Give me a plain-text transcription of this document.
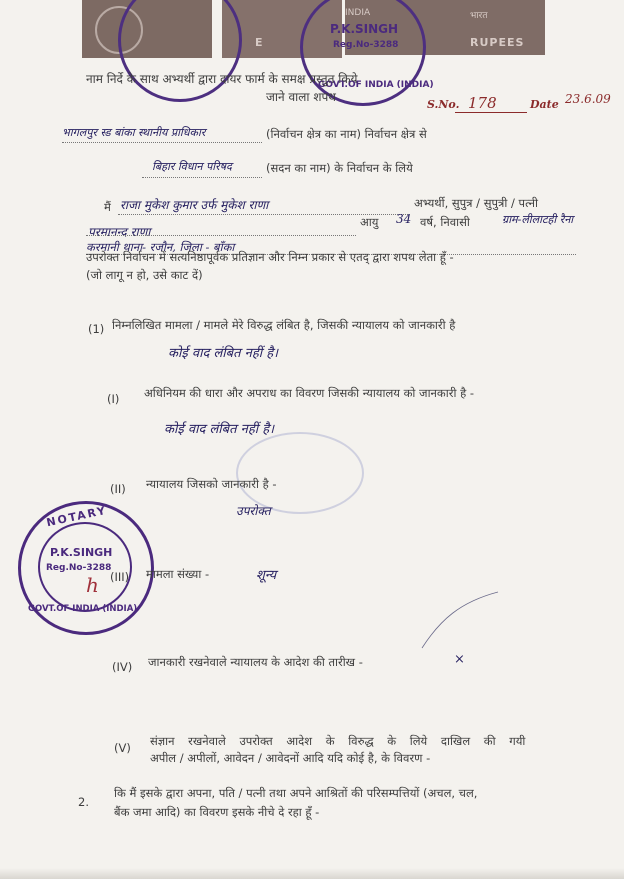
INDIA	भारत
E	RUPEES
P.K.SINGH
Reg.No-3288
GOVT.OF INDIA (INDIA)
नाम निर्दे के साथ अभ्यर्थी द्वारा दायर फार्म के समक्ष प्रस्तुत किये
जाने वाला शपथ
S.No. 178	Date 23.6.09
भागलपुर स्ड बांका स्थानीय प्राधिकार	(निर्वाचन क्षेत्र का नाम) निर्वाचन क्षेत्र से
बिहार विधान परिषद	(सदन का नाम) के निर्वाचन के लिये
मैं राजा मुकेश कुमार उर्फ मुकेश राणा	अभ्यर्थी, सुपुत्र / सुपुत्री / पत्नी
परमानन्द राणा
आयु 34 वर्ष, निवासी	ग्राम-लीलाटही रैना
करमानी थाना- रजौन, जिला - बाँका
उपरोक्त निर्वाचन में सत्यनिष्ठापूर्वक प्रतिज्ञान और निम्न प्रकार से एतद् द्वारा शपथ लेता हूँ -
(जो लागू न हो, उसे काट दें)
(1) निम्नलिखित मामला / मामले मेरे विरुद्ध लंबित है, जिसकी न्यायालय को जानकारी है
कोई वाद लंबित नहीं है।
(I) अधिनियम की धारा और अपराध का विवरण जिसकी न्यायालय को जानकारी है -
कोई वाद लंबित नहीं है।
(II) न्यायालय जिसको जानकारी है -
उपरोक्त
NOTARY
P.K.SINGH
Reg.No-3288
GOVT.OF INDIA (INDIA)
h (III) मामला संख्या -	शून्य
(IV) जानकारी रखनेवाले न्यायालय के आदेश की तारीख -	×
(V) संज्ञान रखनेवाले उपरोक्त आदेश के विरुद्ध के लिये दाखिल की गयी
अपील / अपीलों, आवेदन / आवेदनों आदि यदि कोई है, के विवरण -
2.
कि मैं इसके द्वारा अपना, पति / पत्नी तथा अपने आश्रितों की परिसम्पत्तियों (अचल, चल,
बैंक जमा आदि) का विवरण इसके नीचे दे रहा हूँ -
